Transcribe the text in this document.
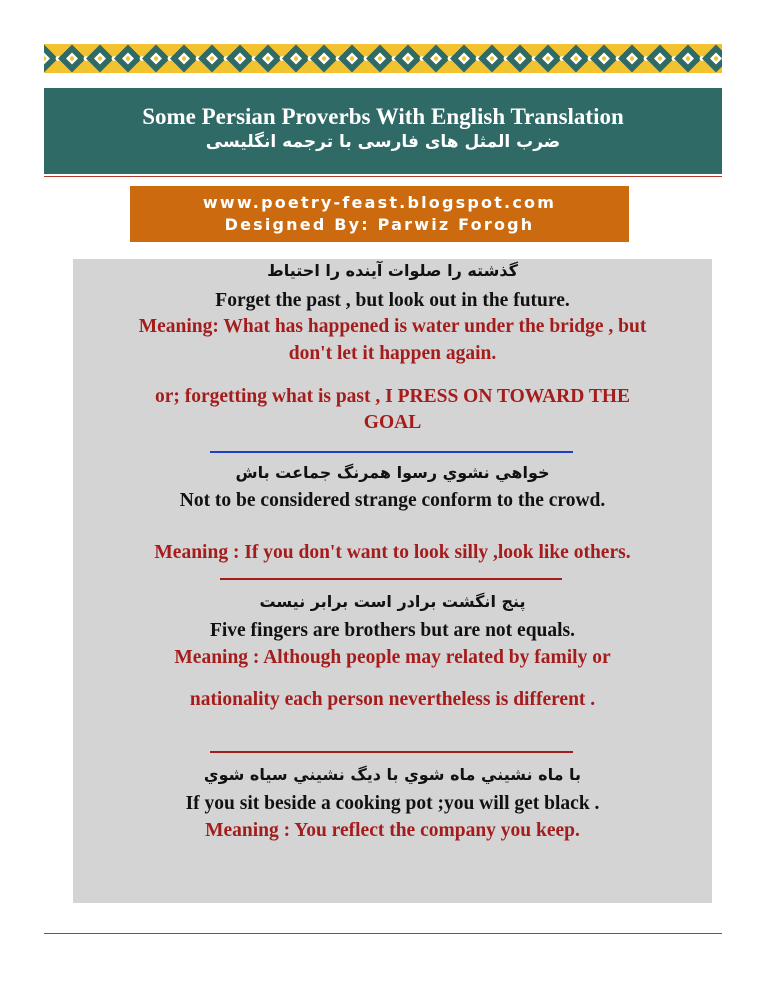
Some Persian Proverbs With English Translation
ضرب المثل های فارسی با ترجمه انگلیسی
www.poetry-feast.blogspot.com
Designed By: Parwiz Forogh
گذشته را صلوات آینده را احتیاط
Forget the past , but look out in the future.
Meaning: What has happened is water under the bridge , but
don't let it happen again.
or; forgetting what is past , I PRESS ON TOWARD THE
GOAL
خواهي نشوي رسوا همرنگ جماعت باش
Not to be considered strange conform to the crowd.
Meaning : If you don't want to look silly ,look like others.
پنج انگشت برادر است برابر نیست
Five fingers are brothers but are not equals.
Meaning : Although people may related by family or
nationality each person nevertheless is different .
با ماه نشيني ماه شوي با ديگ نشيني سياه شوي
If you sit beside a cooking pot ;you will get black .
Meaning : You reflect the company you keep.
